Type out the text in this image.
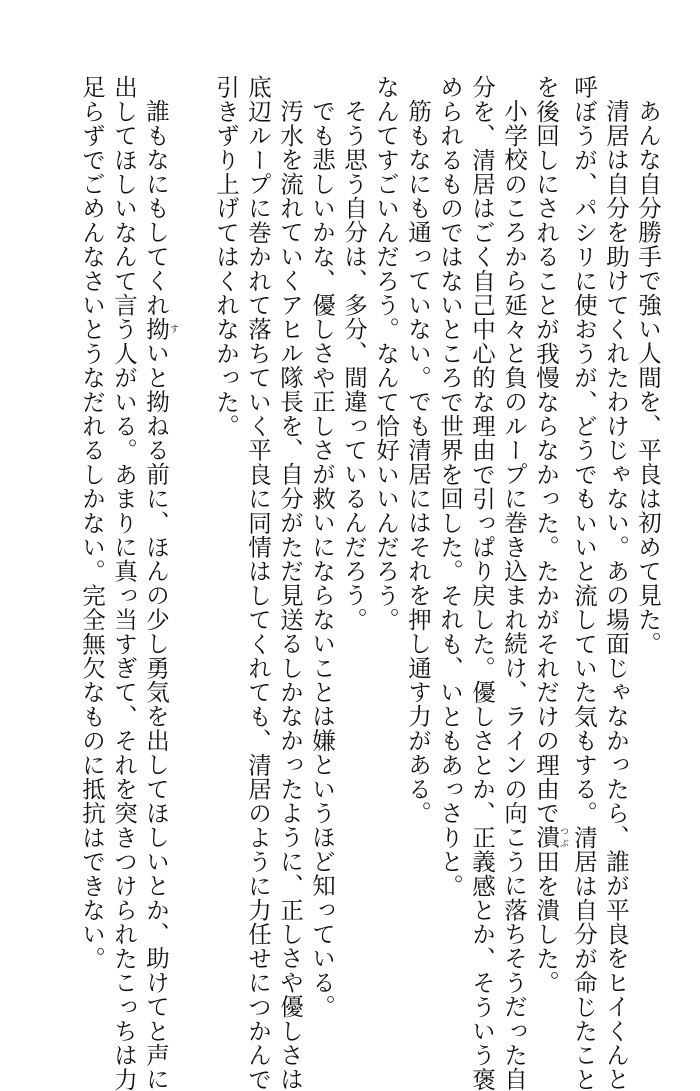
あんな自分勝手で強い人間を、平良は初めて見た。
清居は自分を助けてくれたわけじゃない。あの場面じゃなかったら、誰が平良をヒイくんと
呼ぼうが、パシリに使おうが、どうでもいいと流していた気もする。清居は自分が命じたこと
を後回しにされることが我慢ならなかった。たかがそれだけの理由で潰つぶ田を潰した。
小学校のころから延々と負のループに巻き込まれ続け、ラインの向こうに落ちそうだった自
分を、清居はごく自己中心的な理由で引っぱり戻した。優しさとか、正義感とか、そういう褒
められるものではないところで世界を回した。それも、いともあっさりと。
筋もなにも通っていない。でも清居にはそれを押し通す力がある。
なんてすごいんだろう。なんて恰好いいんだろう。
そう思う自分は、多分、間違っているんだろう。
でも悲しいかな、優しさや正しさが救いにならないことは嫌というほど知っている。
汚水を流れていくアヒル隊長を、自分がただ見送るしかなかったように、正しさや優しさは
底辺ループに巻かれて落ちていく平良に同情はしてくれても、清居のように力任せにつかんで
引きずり上げてはくれなかった。
誰もなにもしてくれ拗すいと拗ねる前に、ほんの少し勇気を出してほしいとか、助けてと声に
出してほしいなんて言う人がいる。あまりに真っ当すぎて、それを突きつけられたこっちは力
足らずでごめんなさいとうなだれるしかない。完全無欠なものに抵抗はできない。
